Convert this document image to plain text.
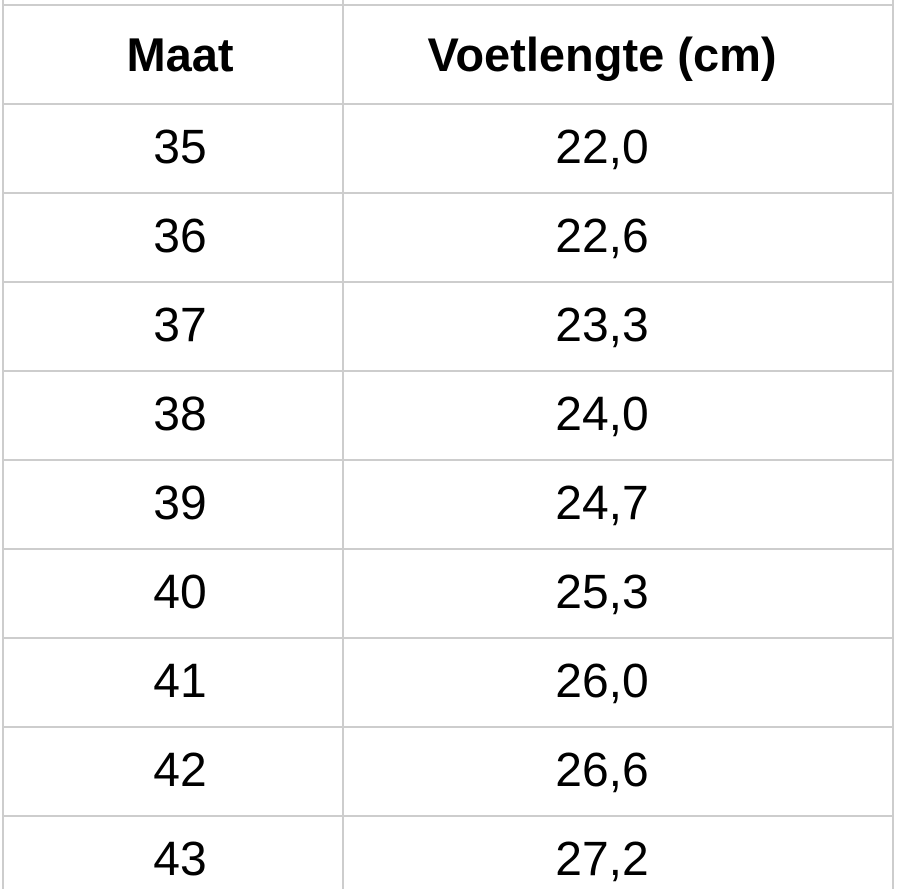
Maat	Voetlengte (cm)
35	22,0
36	22,6
37	23,3
38	24,0
39	24,7
40	25,3
41	26,0
42	26,6
43	27,2
